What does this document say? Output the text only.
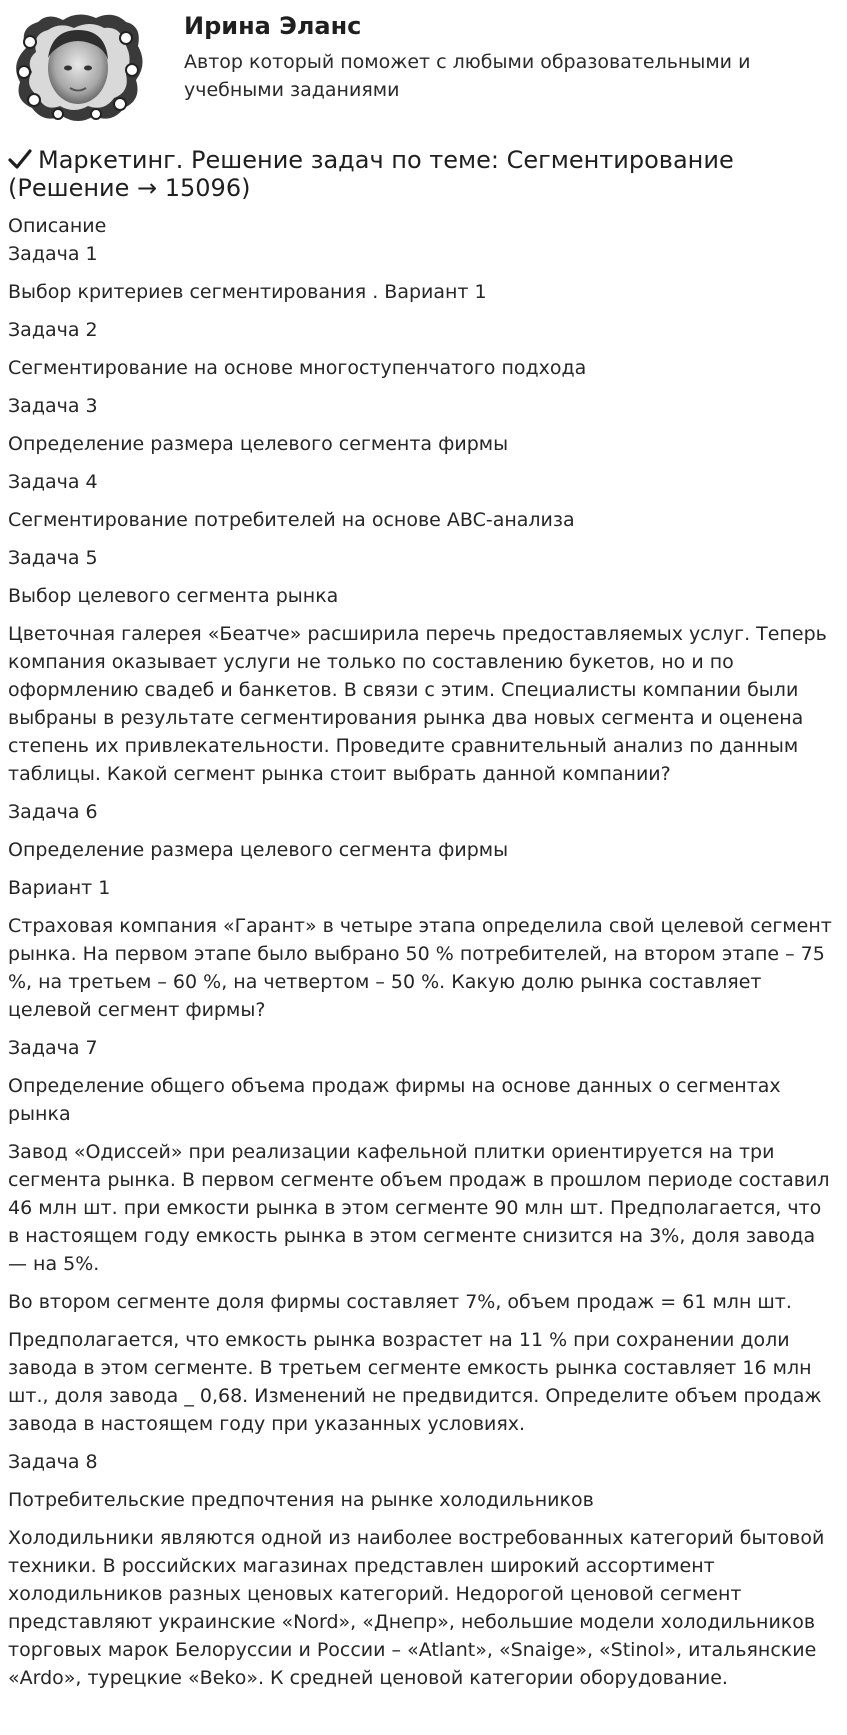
Ирина Эланс
Автор который поможет с любыми образовательными и учебными заданиями
Маркетинг. Решение задач по теме: Сегментирование (Решение → 15096)

Описание

Задача 1

Выбор критериев сегментирования . Вариант 1

Задача 2

Сегментирование на основе многоступенчатого подхода

Задача 3

Определение размера целевого сегмента фирмы

Задача 4

Сегментирование потребителей на основе ABC-анализа

Задача 5

Выбор целевого сегмента рынка

Цветочная галерея «Беатче» расширила перечь предоставляемых услуг. Теперь компания оказывает услуги не только по составлению букетов, но и по оформлению свадеб и банкетов. В связи с этим. Специалисты компании были выбраны в результате сегментирования рынка два новых сегмента и оценена степень их привлекательности. Проведите сравнительный анализ по данным таблицы. Какой сегмент рынка стоит выбрать данной компании?

Задача 6

Определение размера целевого сегмента фирмы

Вариант 1

Страховая компания «Гарант» в четыре этапа определила свой целевой сегмент рынка. На первом этапе было выбрано 50 % потребителей, на втором этапе – 75 %, на третьем – 60 %, на четвертом – 50 %. Какую долю рынка составляет целевой сегмент фирмы?

Задача 7

Определение общего объема продаж фирмы на основе данных о сегментах рынка

Завод «Одиссей» при реализации кафельной плитки ориентируется на три сегмента рынка. В первом сегменте объем продаж в прошлом периоде составил 46 млн шт. при емкости рынка в этом сегменте 90 млн шт. Предполагается, что в настоящем году емкость рынка в этом сегменте снизится на 3%, доля завода — на 5%.

Во втором сегменте доля фирмы составляет 7%, объем продаж = 61 млн шт.

Предполагается, что емкость рынка возрастет на 11 % при сохранении доли завода в этом сегменте. В третьем сегменте емкость рынка составляет 16 млн шт., доля завода _ 0,68. Изменений не предвидится. Определите объем продаж завода в настоящем году при указанных условиях.

Задача 8

Потребительские предпочтения на рынке холодильников

Холодильники являются одной из наиболее востребованных категорий бытовой техники. В российских магазинах представлен широкий ассортимент холодильников разных ценовых категорий. Недорогой ценовой сегмент представляют украинские «Nord», «Днепр», небольшие модели холодильников торговых марок Белоруссии и России – «Atlant», «Snaige», «Stinol», итальянские «Ardo», турецкие «Beko». К средней ценовой категории оборудование.
